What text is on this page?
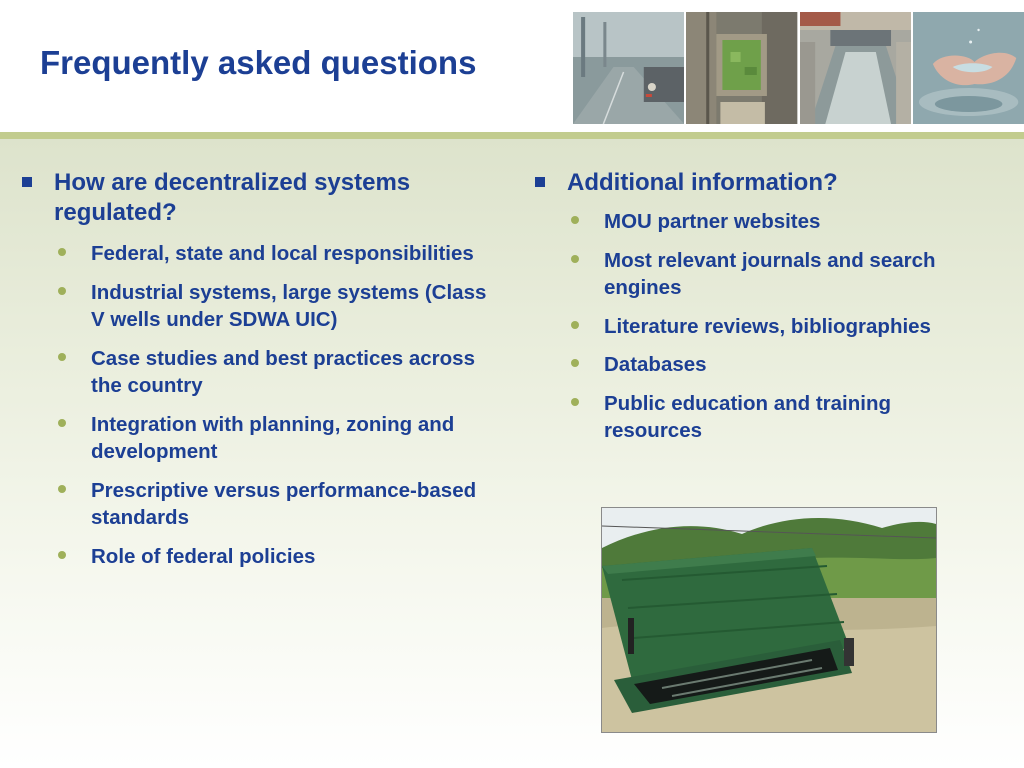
Frequently asked questions
How are decentralized systems regulated?
Federal, state and local responsibilities
Industrial systems, large systems (Class V wells under SDWA UIC)
Case studies and best practices across the country
Integration with planning, zoning and development
Prescriptive versus performance-based standards
Role of federal policies
Additional information?
MOU partner websites
Most relevant journals and search engines
Literature reviews, bibliographies
Databases
Public education and training resources
